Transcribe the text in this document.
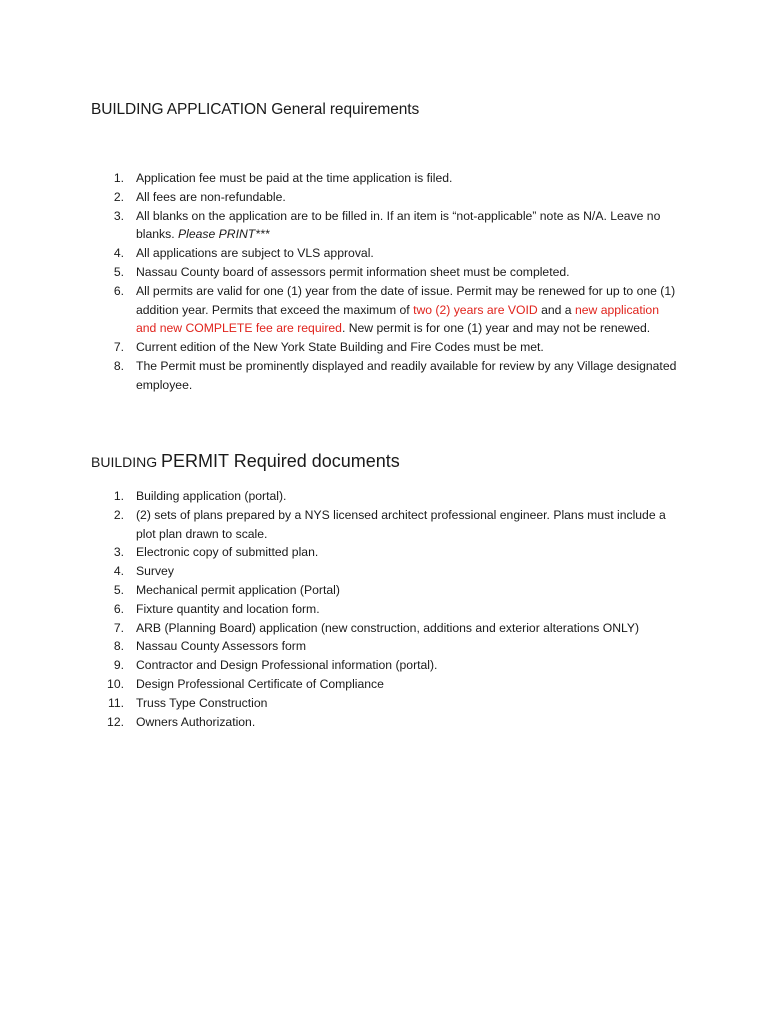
BUILDING APPLICATION General requirements
1. Application fee must be paid at the time application is filed.
2. All fees are non-refundable.
3. All blanks on the application are to be filled in. If an item is “not-applicable” note as N/A. Leave no blanks. Please PRINT***
4. All applications are subject to VLS approval.
5. Nassau County board of assessors permit information sheet must be completed.
6. All permits are valid for one (1) year from the date of issue. Permit may be renewed for up to one (1) addition year. Permits that exceed the maximum of two (2) years are VOID and a new application and new COMPLETE fee are required. New permit is for one (1) year and may not be renewed.
7. Current edition of the New York State Building and Fire Codes must be met.
8. The Permit must be prominently displayed and readily available for review by any Village designated employee.
BUILDING PERMIT Required documents
1. Building application (portal).
2. (2) sets of plans prepared by a NYS licensed architect professional engineer. Plans must include a plot plan drawn to scale.
3. Electronic copy of submitted plan.
4. Survey
5. Mechanical permit application (Portal)
6. Fixture quantity and location form.
7. ARB (Planning Board) application (new construction, additions and exterior alterations ONLY)
8. Nassau County Assessors form
9. Contractor and Design Professional information (portal).
10. Design Professional Certificate of Compliance
11. Truss Type Construction
12. Owners Authorization.
